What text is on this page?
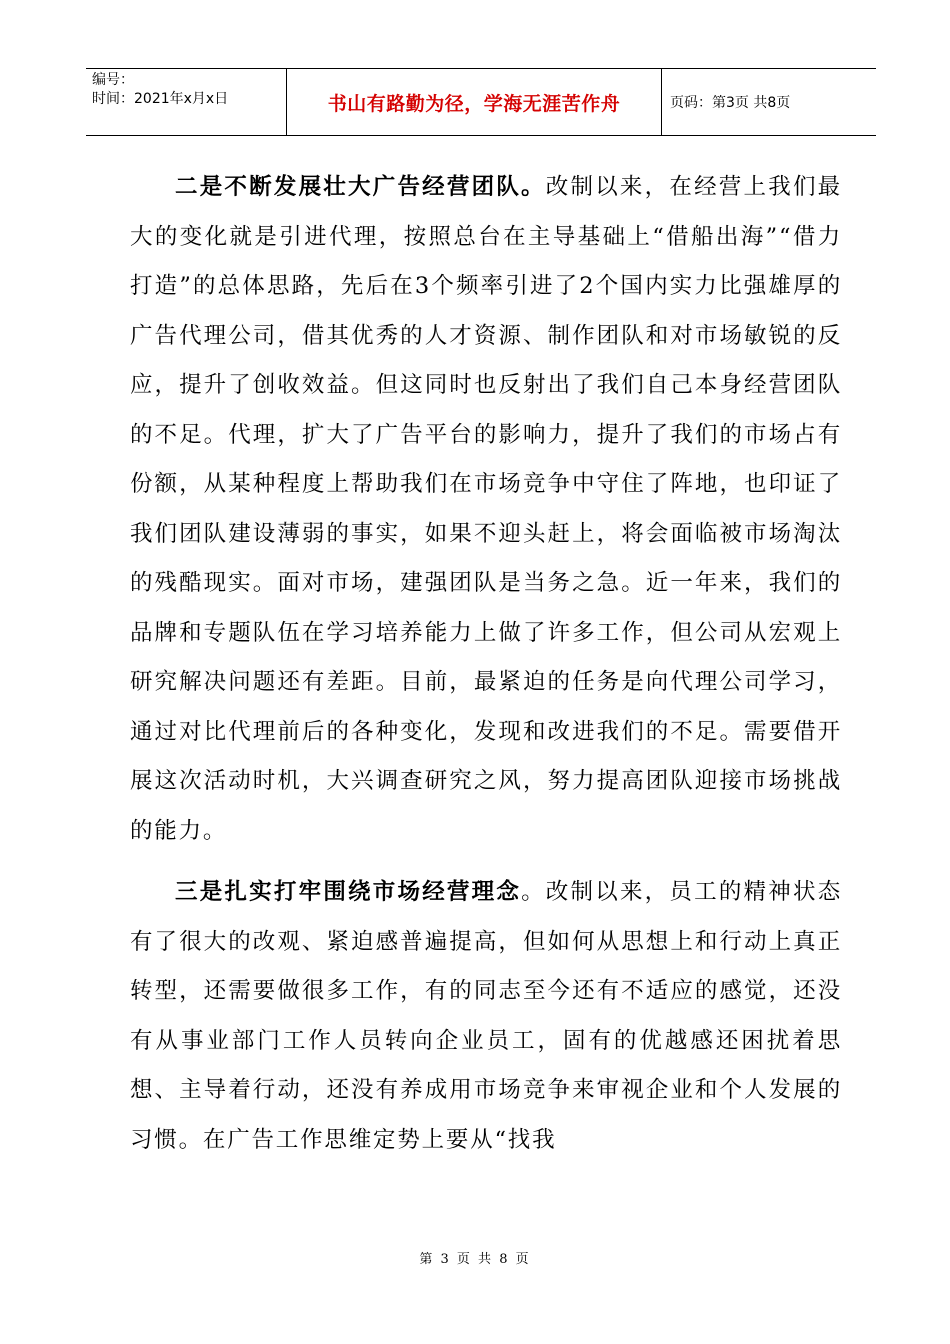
编号：
时间：2021年x月x日	书山有路勤为径，学海无涯苦作舟	页码：第3页 共8页

二是不断发展壮大广告经营团队。改制以来，在经营上我们最大的变化就是引进代理，按照总台在主导基础上“借船出海”“借力打造”的总体思路，先后在3个频率引进了2个国内实力比强雄厚的广告代理公司，借其优秀的人才资源、制作团队和对市场敏锐的反应，提升了创收效益。但这同时也反射出了我们自己本身经营团队的不足。代理，扩大了广告平台的影响力，提升了我们的市场占有份额，从某种程度上帮助我们在市场竞争中守住了阵地，也印证了我们团队建设薄弱的事实，如果不迎头赶上，将会面临被市场淘汰的残酷现实。面对市场，建强团队是当务之急。近一年来，我们的品牌和专题队伍在学习培养能力上做了许多工作，但公司从宏观上研究解决问题还有差距。目前，最紧迫的任务是向代理公司学习，通过对比代理前后的各种变化，发现和改进我们的不足。需要借开展这次活动时机，大兴调查研究之风，努力提高团队迎接市场挑战的能力。

三是扎实打牢围绕市场经营理念。改制以来，员工的精神状态有了很大的改观、紧迫感普遍提高，但如何从思想上和行动上真正转型，还需要做很多工作，有的同志至今还有不适应的感觉，还没有从事业部门工作人员转向企业员工，固有的优越感还困扰着思想、主导着行动，还没有养成用市场竞争来审视企业和个人发展的习惯。在广告工作思维定势上要从“找我

第 3 页 共 8 页
